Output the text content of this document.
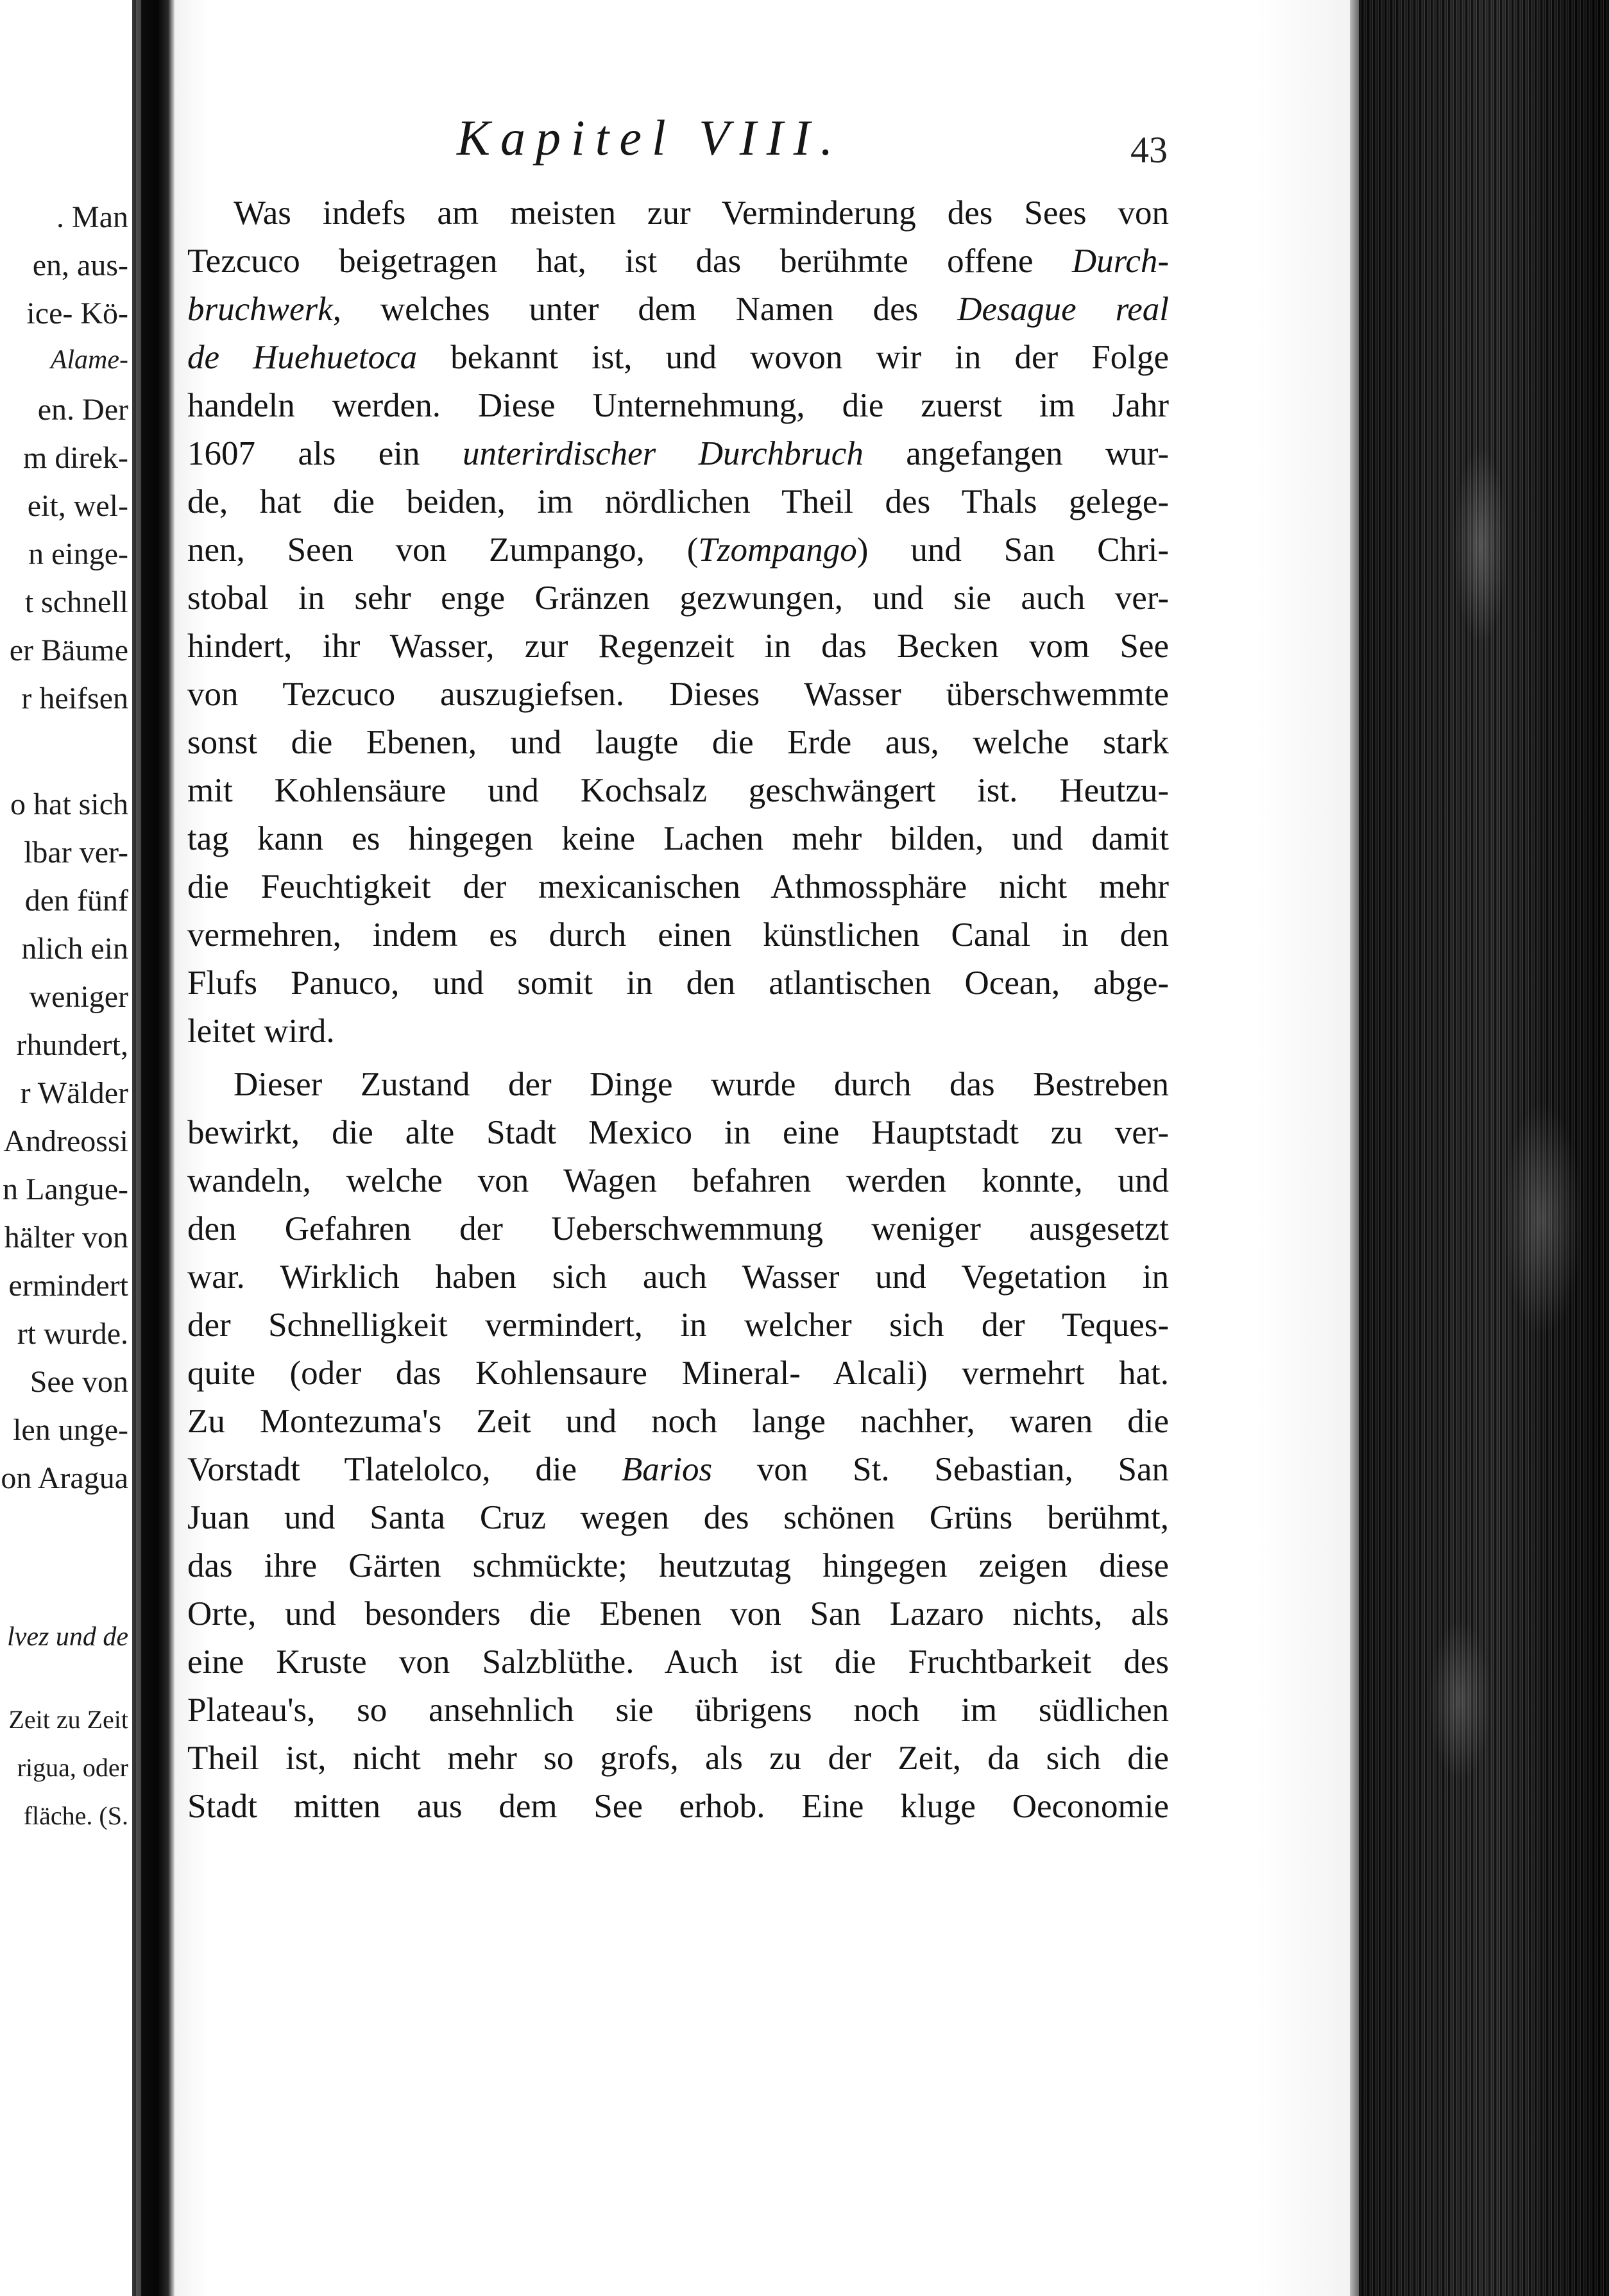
. Man
en, aus-
ice- Kö-
Alame-
en. Der
m direk-
eit, wel-
n einge-
t schnell
er Bäume
r heifsen
o hat sich
lbar ver-
den fünf
nlich ein
weniger
rhundert,
r Wälder
Andreossi
n Langue-
hälter von
ermindert
rt wurde.
See von
len unge-
on Aragua
lvez und de
Zeit zu Zeit
rigua, oder
fläche. (S.
Kapitel VIII.	43
Was indefs am meisten zur Verminderung des Sees von
Tezcuco beigetragen hat, ist das berühmte offene Durch-
bruchwerk, welches unter dem Namen des Desague real
de Huehuetoca bekannt ist, und wovon wir in der Folge
handeln werden. Diese Unternehmung, die zuerst im Jahr
1607 als ein unterirdischer Durchbruch angefangen wur-
de, hat die beiden, im nördlichen Theil des Thals gelege-
nen, Seen von Zumpango, (Tzompango) und San Chri-
stobal in sehr enge Gränzen gezwungen, und sie auch ver-
hindert, ihr Wasser, zur Regenzeit in das Becken vom See
von Tezcuco auszugiefsen. Dieses Wasser überschwemmte
sonst die Ebenen, und laugte die Erde aus, welche stark
mit Kohlensäure und Kochsalz geschwängert ist. Heutzu-
tag kann es hingegen keine Lachen mehr bilden, und damit
die Feuchtigkeit der mexicanischen Athmossphäre nicht mehr
vermehren, indem es durch einen künstlichen Canal in den
Flufs Panuco, und somit in den atlantischen Ocean, abge-
leitet wird.
Dieser Zustand der Dinge wurde durch das Bestreben
bewirkt, die alte Stadt Mexico in eine Hauptstadt zu ver-
wandeln, welche von Wagen befahren werden konnte, und
den Gefahren der Ueberschwemmung weniger ausgesetzt
war. Wirklich haben sich auch Wasser und Vegetation in
der Schnelligkeit vermindert, in welcher sich der Teques-
quite (oder das Kohlensaure Mineral- Alcali) vermehrt hat.
Zu Montezuma's Zeit und noch lange nachher, waren die
Vorstadt Tlatelolco, die Barios von St. Sebastian, San
Juan und Santa Cruz wegen des schönen Grüns berühmt,
das ihre Gärten schmückte; heutzutag hingegen zeigen diese
Orte, und besonders die Ebenen von San Lazaro nichts, als
eine Kruste von Salzblüthe. Auch ist die Fruchtbarkeit des
Plateau's, so ansehnlich sie übrigens noch im südlichen
Theil ist, nicht mehr so grofs, als zu der Zeit, da sich die
Stadt mitten aus dem See erhob. Eine kluge Oeconomie
